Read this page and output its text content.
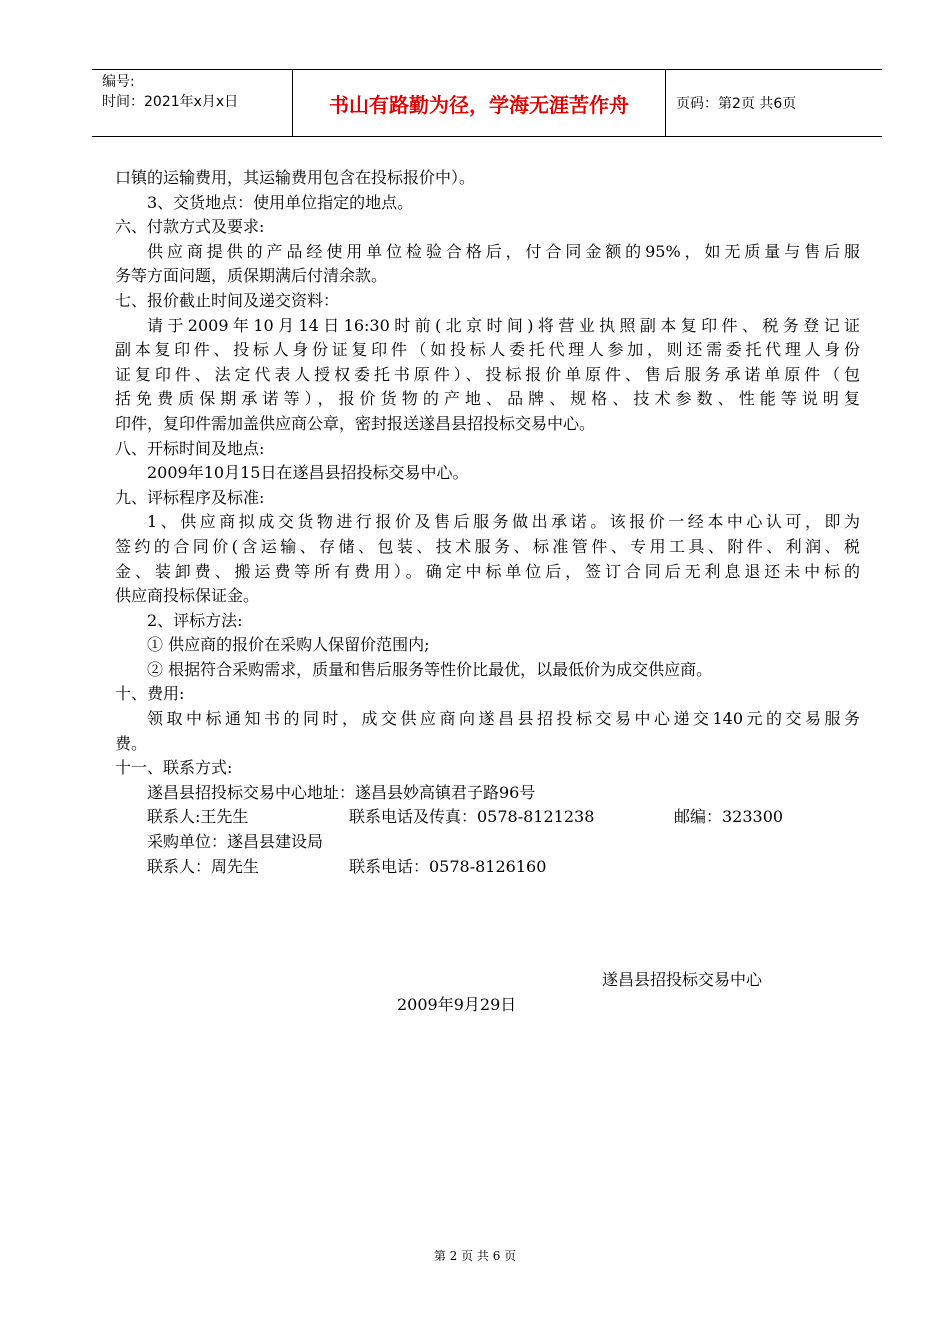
编号:
时间：2021年x月x日	书山有路勤为径，学海无涯苦作舟	页码：第2页 共6页
口镇的运输费用，其运输费用包含在投标报价中）。
3、交货地点：使用单位指定的地点。
六、付款方式及要求:
供应商提供的产品经使用单位检验合格后，付合同金额的95%，如无质量与售后服
务等方面问题，质保期满后付清余款。
七、报价截止时间及递交资料：
请于2009年10月14日16:30时前(北京时间)将营业执照副本复印件、税务登记证
副本复印件、投标人身份证复印件（如投标人委托代理人参加，则还需委托代理人身份
证复印件、法定代表人授权委托书原件）、投标报价单原件、售后服务承诺单原件（包
括免费质保期承诺等），报价货物的产地、品牌、规格、技术参数、性能等说明复
印件，复印件需加盖供应商公章，密封报送遂昌县招投标交易中心。
八、开标时间及地点:
2009年10月15日在遂昌县招投标交易中心。
九、评标程序及标准:
1、供应商拟成交货物进行报价及售后服务做出承诺。该报价一经本中心认可，即为
签约的合同价(含运输、存储、包装、技术服务、标准管件、专用工具、附件、利润、税
金、装卸费、搬运费等所有费用）。确定中标单位后，签订合同后无利息退还未中标的
供应商投标保证金。
2、评标方法:
① 供应商的报价在采购人保留价范围内;
② 根据符合采购需求，质量和售后服务等性价比最优，以最低价为成交供应商。
十、费用:
领取中标通知书的同时，成交供应商向遂昌县招投标交易中心递交140元的交易服务
费。
十一、联系方式:
遂昌县招投标交易中心地址：遂昌县妙高镇君子路96号
联系人:王先生	联系电话及传真：0578-8121238	邮编：323300
采购单位：遂昌县建设局
联系人：周先生	联系电话：0578-8126160
遂昌县招投标交易中心
2009年9月29日
第 2 页 共 6 页
